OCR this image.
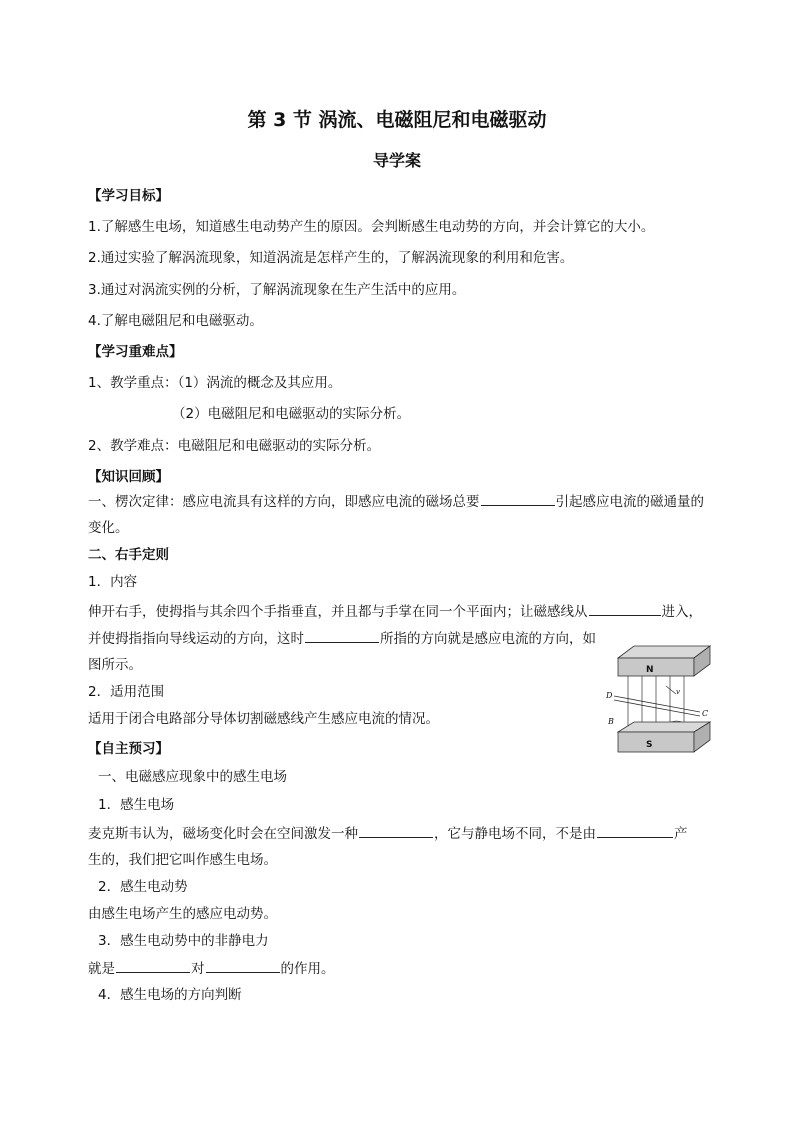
第 3 节 涡流、电磁阻尼和电磁驱动
导学案
【学习目标】
1.了解感生电场，知道感生电动势产生的原因。会判断感生电动势的方向，并会计算它的大小。
2.通过实验了解涡流现象，知道涡流是怎样产生的，了解涡流现象的利用和危害。
3.通过对涡流实例的分析，了解涡流现象在生产生活中的应用。
4.了解电磁阻尼和电磁驱动。
【学习重难点】
1、教学重点：（1）涡流的概念及其应用。
（2）电磁阻尼和电磁驱动的实际分析。
2、教学难点：电磁阻尼和电磁驱动的实际分析。
【知识回顾】
一、楞次定律：感应电流具有这样的方向，即感应电流的磁场总要	引起感应电流的磁通量的
变化。
二、右手定则
1．内容
伸开右手，使拇指与其余四个手指垂直，并且都与手掌在同一个平面内；让磁感线从	进入，
并使拇指指向导线运动的方向，这时	所指的方向就是感应电流的方向，如
图所示。
2．适用范围
适用于闭合电路部分导体切割磁感线产生感应电流的情况。
N
v
D
C
B
S
【自主预习】
一、电磁感应现象中的感生电场
1．感生电场
麦克斯韦认为，磁场变化时会在空间激发一种	，它与静电场不同，不是由	产
生的，我们把它叫作感生电场。
2．感生电动势
由感生电场产生的感应电动势。
3．感生电动势中的非静电力
就是	对	的作用。
4．感生电场的方向判断
